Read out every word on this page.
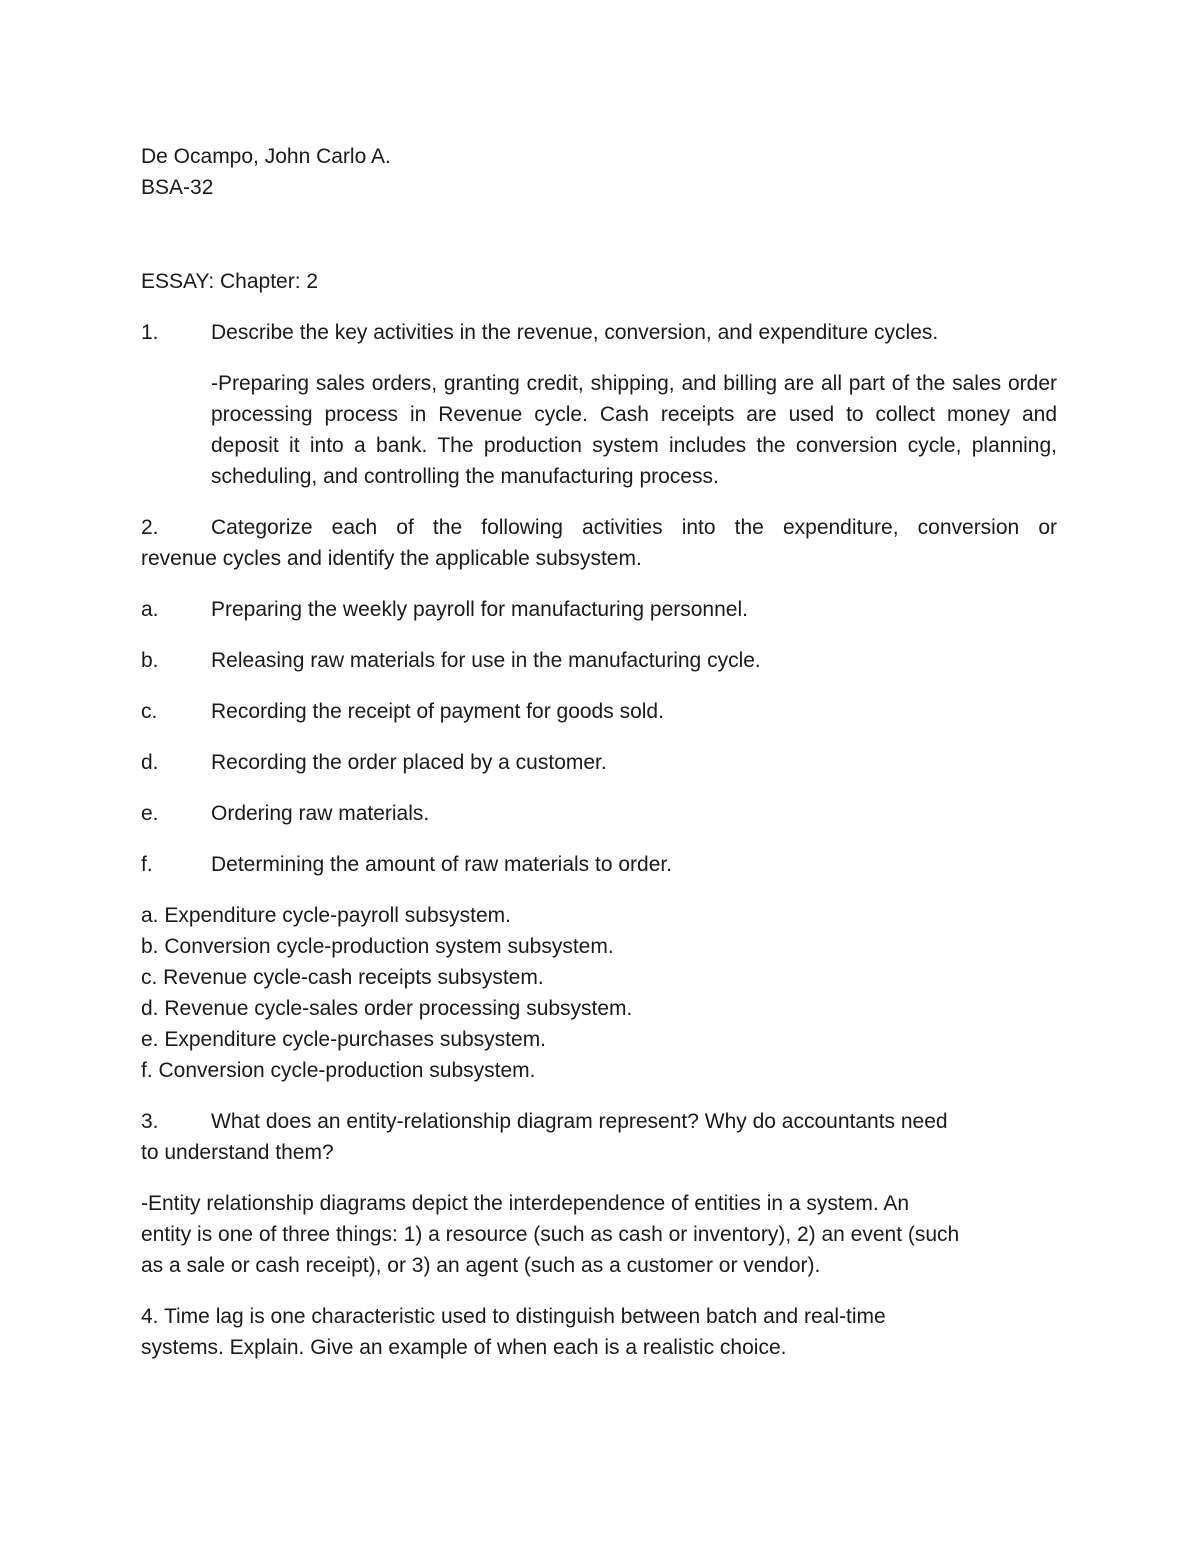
De Ocampo, John Carlo A.
BSA-32
ESSAY: Chapter: 2
1.	Describe the key activities in the revenue, conversion, and expenditure cycles.
-Preparing sales orders, granting credit, shipping, and billing are all part of the sales order processing process in Revenue cycle. Cash receipts are used to collect money and deposit it into a bank. The production system includes the conversion cycle, planning, scheduling, and controlling the manufacturing process.
2.	Categorize each of the following activities into the expenditure, conversion or
revenue cycles and identify the applicable subsystem.
a.	Preparing the weekly payroll for manufacturing personnel.
b.	Releasing raw materials for use in the manufacturing cycle.
c.	Recording the receipt of payment for goods sold.
d.	Recording the order placed by a customer.
e.	Ordering raw materials.
f.	Determining the amount of raw materials to order.
a. Expenditure cycle-payroll subsystem.
b. Conversion cycle-production system subsystem.
c. Revenue cycle-cash receipts subsystem.
d. Revenue cycle-sales order processing subsystem.
e. Expenditure cycle-purchases subsystem.
f. Conversion cycle-production subsystem.
3.	What does an entity-relationship diagram represent? Why do accountants need
to understand them?
-Entity relationship diagrams depict the interdependence of entities in a system. An
entity is one of three things: 1) a resource (such as cash or inventory), 2) an event (such
as a sale or cash receipt), or 3) an agent (such as a customer or vendor).
4. Time lag is one characteristic used to distinguish between batch and real-time
systems. Explain. Give an example of when each is a realistic choice.
